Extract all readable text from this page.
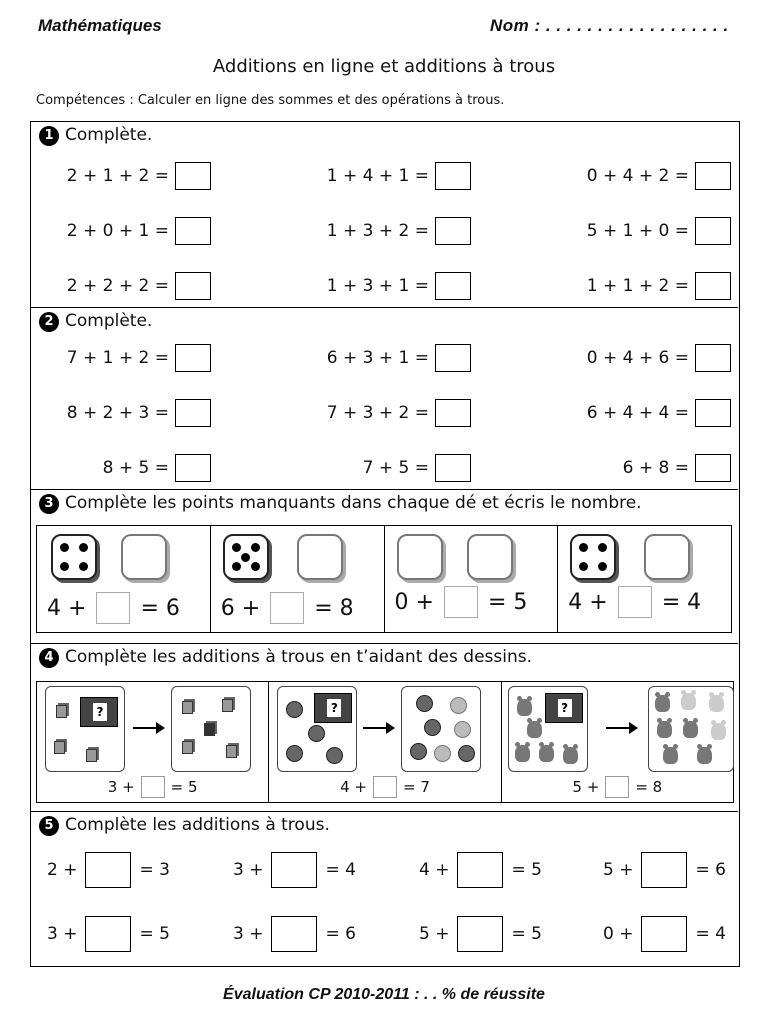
Mathématiques	Nom : . . . . . . . . . . . . . . . . . .
Additions en ligne et additions à trous
Compétences : Calculer en ligne des sommes et des opérations à trous.
1 Complète.
2 + 1 + 2 =	1 + 4 + 1 =	0 + 4 + 2 =
2 + 0 + 1 =	1 + 3 + 2 =	5 + 1 + 0 =
2 + 2 + 2 =	1 + 3 + 1 =	1 + 1 + 2 =
2 Complète.
7 + 1 + 2 =	6 + 3 + 1 =	0 + 4 + 6 =
8 + 2 + 3 =	7 + 3 + 2 =	6 + 4 + 4 =
8 + 5 =	7 + 5 =	6 + 8 =
3 Complète les points manquants dans chaque dé et écris le nombre.
4 + = 6 6 + = 8 0 + = 5 4 + = 4
4 Complète les additions à trous en t’aidant des dessins.
?
3 + = 5
?
4 + = 7
?
5 + = 8
5 Complète les additions à trous.
2 +	= 3	3 +	= 4	4 +	= 5	5 +	= 6
3 +	= 5	3 +	= 6	5 +	= 5	0 +	= 4
Évaluation CP 2010-2011 : . . % de réussite
